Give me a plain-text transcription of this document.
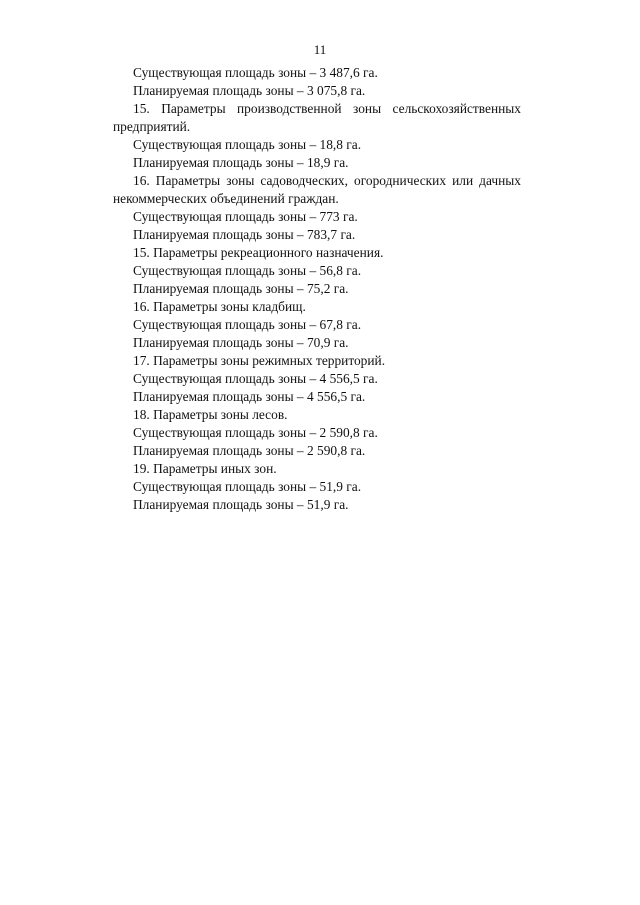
11
Существующая площадь зоны – 3 487,6 га.
Планируемая площадь зоны – 3 075,8 га.
15. Параметры производственной зоны сельскохозяйственных предприятий.
Существующая площадь зоны – 18,8 га.
Планируемая площадь зоны – 18,9 га.
16. Параметры зоны садоводческих, огороднических или дачных некоммерческих объединений граждан.
Существующая площадь зоны – 773 га.
Планируемая площадь зоны – 783,7 га.
15. Параметры рекреационного назначения.
Существующая площадь зоны – 56,8 га.
Планируемая площадь зоны – 75,2 га.
16. Параметры зоны кладбищ.
Существующая площадь зоны – 67,8 га.
Планируемая площадь зоны – 70,9 га.
17. Параметры зоны режимных территорий.
Существующая площадь зоны – 4 556,5 га.
Планируемая площадь зоны – 4 556,5 га.
18. Параметры зоны лесов.
Существующая площадь зоны – 2 590,8 га.
Планируемая площадь зоны – 2 590,8 га.
19. Параметры иных зон.
Существующая площадь зоны – 51,9 га.
Планируемая площадь зоны – 51,9 га.
